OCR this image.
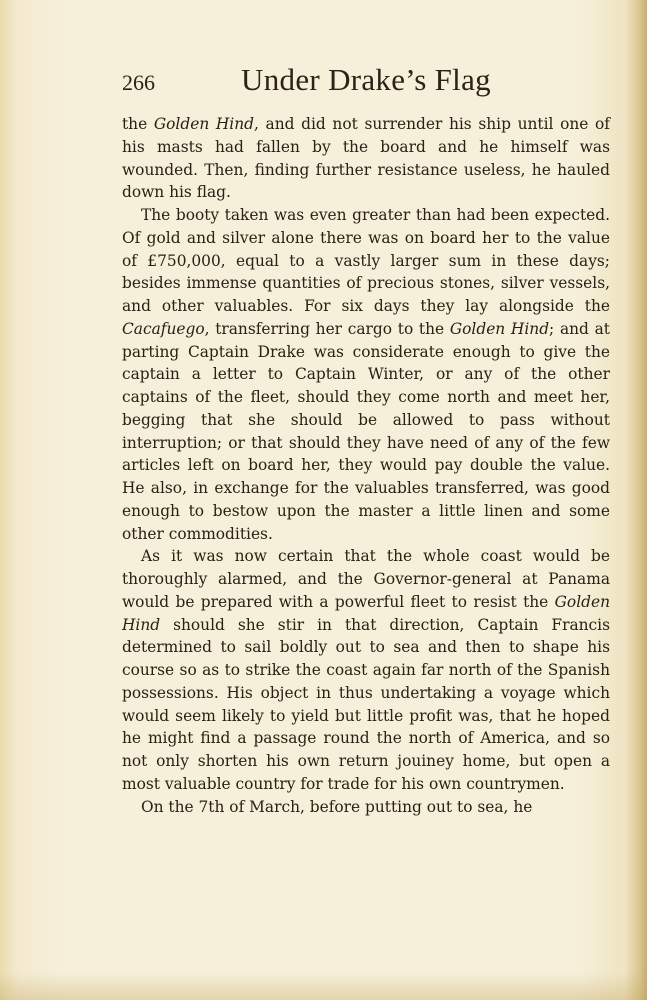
266	Under Drake’s Flag

the Golden Hind, and did not surrender his ship until one of his masts had fallen by the board and he himself was wounded. Then, finding further resistance useless, he hauled down his flag.

The booty taken was even greater than had been expected. Of gold and silver alone there was on board her to the value of £750,000, equal to a vastly larger sum in these days; besides immense quantities of precious stones, silver vessels, and other valuables. For six days they lay alongside the Cacafuego, transferring her cargo to the Golden Hind; and at parting Captain Drake was considerate enough to give the captain a letter to Captain Winter, or any of the other captains of the fleet, should they come north and meet her, begging that she should be allowed to pass without interruption; or that should they have need of any of the few articles left on board her, they would pay double the value. He also, in exchange for the valuables transferred, was good enough to bestow upon the master a little linen and some other commodities.

As it was now certain that the whole coast would be thoroughly alarmed, and the Governor-general at Panama would be prepared with a powerful fleet to resist the Golden Hind should she stir in that direction, Captain Francis determined to sail boldly out to sea and then to shape his course so as to strike the coast again far north of the Spanish possessions. His object in thus undertaking a voyage which would seem likely to yield but little profit was, that he hoped he might find a passage round the north of America, and so not only shorten his own return jouiney home, but open a most valuable country for trade for his own countrymen.

On the 7th of March, before putting out to sea, he
